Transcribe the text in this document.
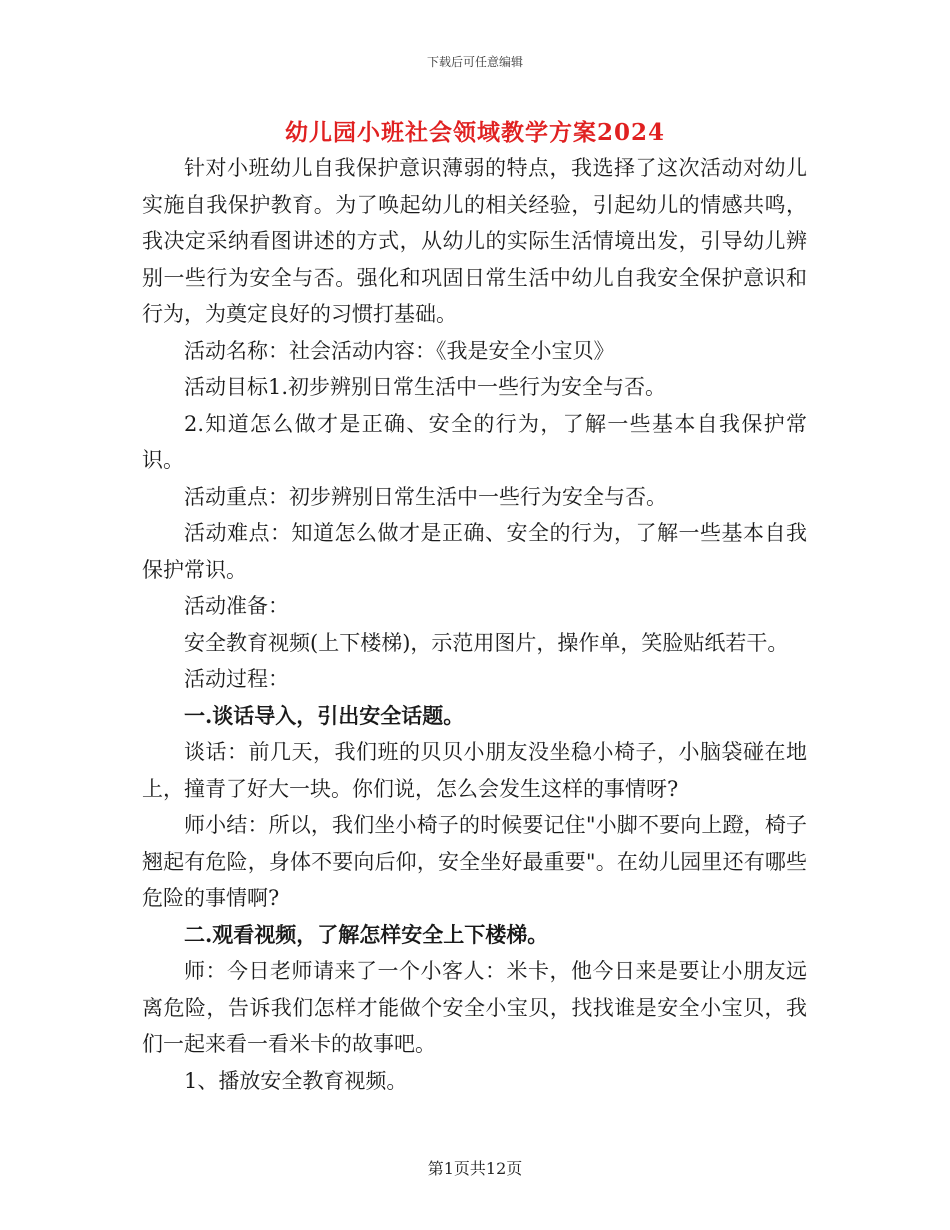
下载后可任意编辑
幼儿园小班社会领域教学方案2024

针对小班幼儿自我保护意识薄弱的特点，我选择了这次活动对幼儿实施自我保护教育。为了唤起幼儿的相关经验，引起幼儿的情感共鸣，我决定采纳看图讲述的方式，从幼儿的实际生活情境出发，引导幼儿辨别一些行为安全与否。强化和巩固日常生活中幼儿自我安全保护意识和行为，为奠定良好的习惯打基础。

活动名称：社会活动内容：《我是安全小宝贝》

活动目标1.初步辨别日常生活中一些行为安全与否。

2.知道怎么做才是正确、安全的行为，了解一些基本自我保护常识。

活动重点：初步辨别日常生活中一些行为安全与否。

活动难点：知道怎么做才是正确、安全的行为，了解一些基本自我保护常识。

活动准备：

安全教育视频(上下楼梯)，示范用图片，操作单，笑脸贴纸若干。

活动过程：

一.谈话导入，引出安全话题。

谈话：前几天，我们班的贝贝小朋友没坐稳小椅子，小脑袋碰在地上，撞青了好大一块。你们说，怎么会发生这样的事情呀?

师小结：所以，我们坐小椅子的时候要记住"小脚不要向上蹬，椅子翘起有危险，身体不要向后仰，安全坐好最重要"。在幼儿园里还有哪些危险的事情啊?

二.观看视频，了解怎样安全上下楼梯。

师：今日老师请来了一个小客人：米卡，他今日来是要让小朋友远离危险，告诉我们怎样才能做个安全小宝贝，找找谁是安全小宝贝，我们一起来看一看米卡的故事吧。

1、播放安全教育视频。

第1页共12页
